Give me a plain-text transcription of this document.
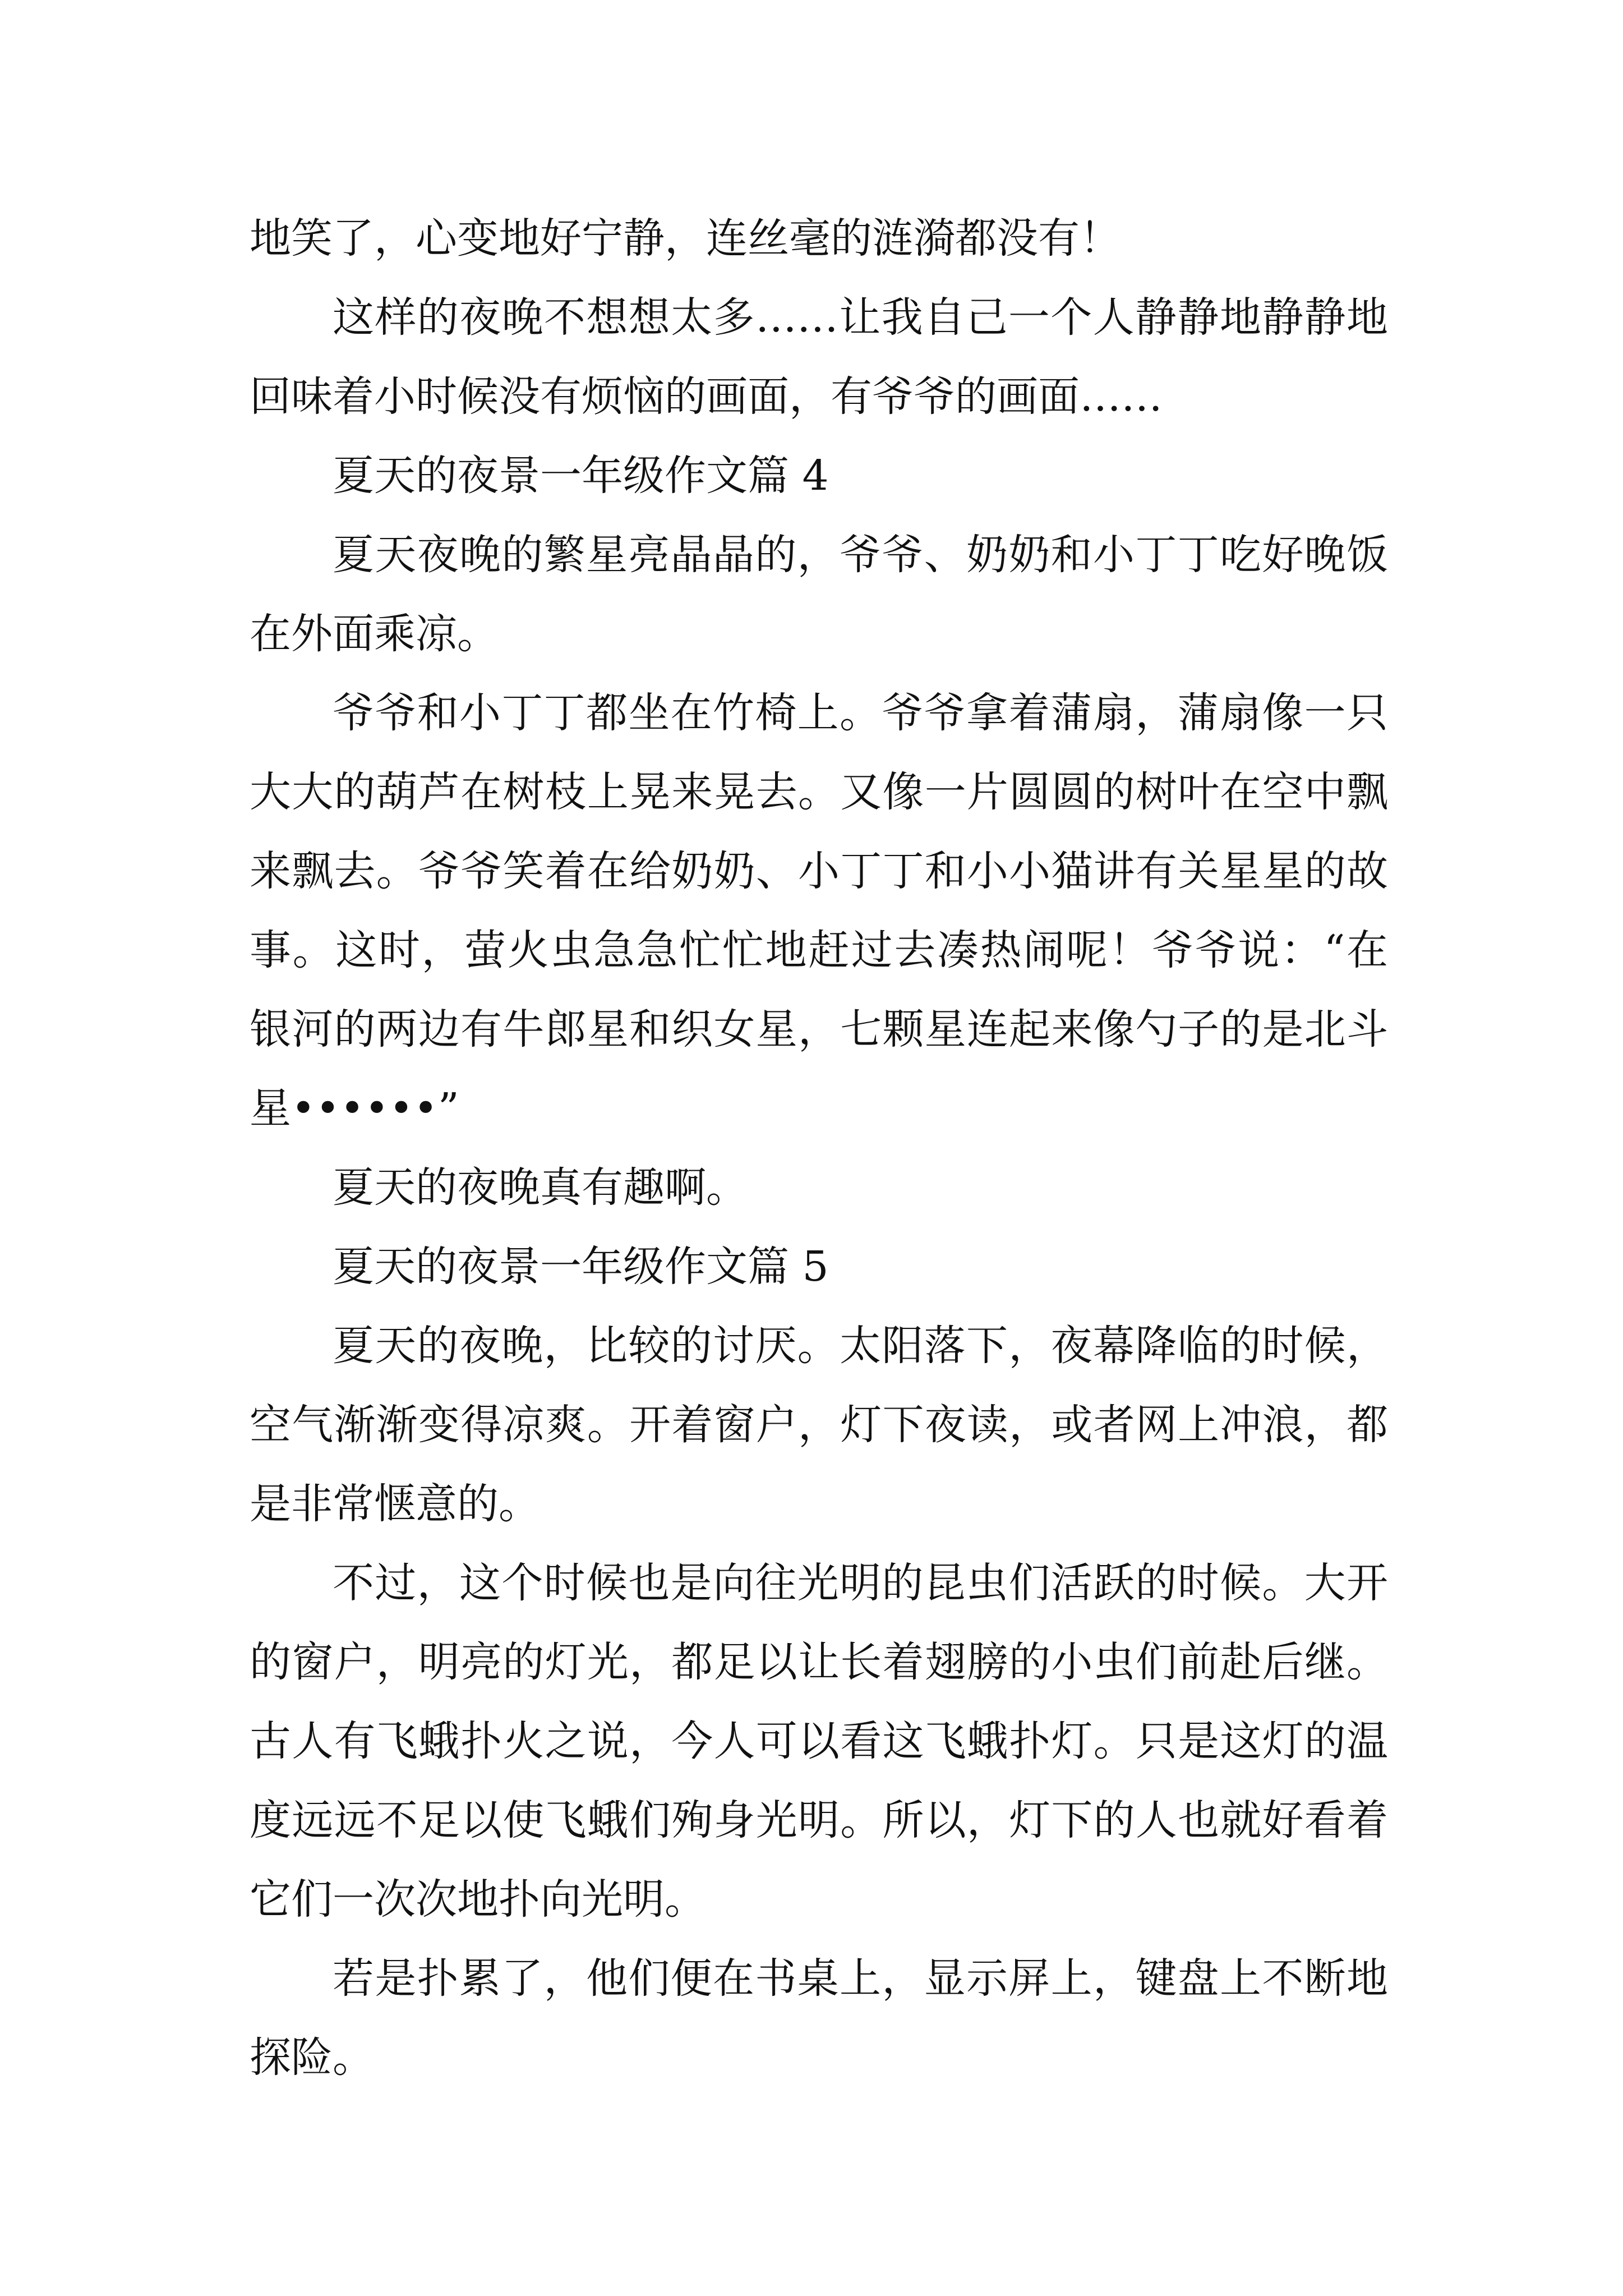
地笑了，心变地好宁静，连丝毫的涟漪都没有！

这样的夜晚不想想太多……让我自己一个人静静地静静地回味着小时候没有烦恼的画面，有爷爷的画面……

夏天的夜景一年级作文篇 4

夏天夜晚的繁星亮晶晶的，爷爷、奶奶和小丁丁吃好晚饭在外面乘凉。

爷爷和小丁丁都坐在竹椅上。爷爷拿着蒲扇，蒲扇像一只大大的葫芦在树枝上晃来晃去。又像一片圆圆的树叶在空中飘来飘去。爷爷笑着在给奶奶、小丁丁和小小猫讲有关星星的故事。这时，萤火虫急急忙忙地赶过去凑热闹呢！爷爷说：“在银河的两边有牛郎星和织女星，七颗星连起来像勺子的是北斗星••••••”

夏天的夜晚真有趣啊。

夏天的夜景一年级作文篇 5

夏天的夜晚，比较的讨厌。太阳落下，夜幕降临的时候，空气渐渐变得凉爽。开着窗户，灯下夜读，或者网上冲浪，都是非常惬意的。

不过，这个时候也是向往光明的昆虫们活跃的时候。大开的窗户，明亮的灯光，都足以让长着翅膀的小虫们前赴后继。古人有飞蛾扑火之说，今人可以看这飞蛾扑灯。只是这灯的温度远远不足以使飞蛾们殉身光明。所以，灯下的人也就好看着它们一次次地扑向光明。

若是扑累了，他们便在书桌上，显示屏上，键盘上不断地探险。
